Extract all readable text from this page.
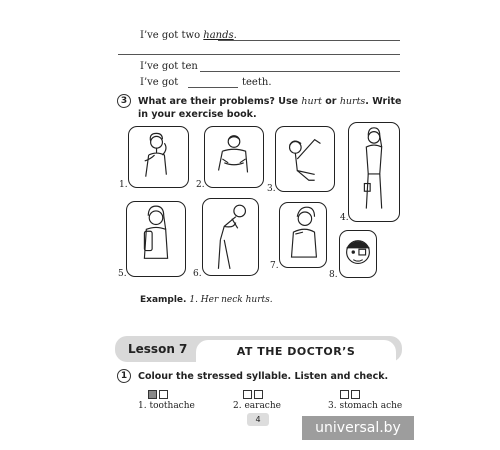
I’ve got two hands.
I’ve got ten
I’ve got	teeth.
3	What are their problems? Use hurt or hurts. Write in your exercise book.
1.	2.	3.
4.
5.	6.
7.
8.
Example. 1. Her neck hurts.
Lesson 7	AT THE DOCTOR’S
1	Colour the stressed syllable. Listen and check.
1. toothache	2. earache	3. stomach ache
4
universal.by
